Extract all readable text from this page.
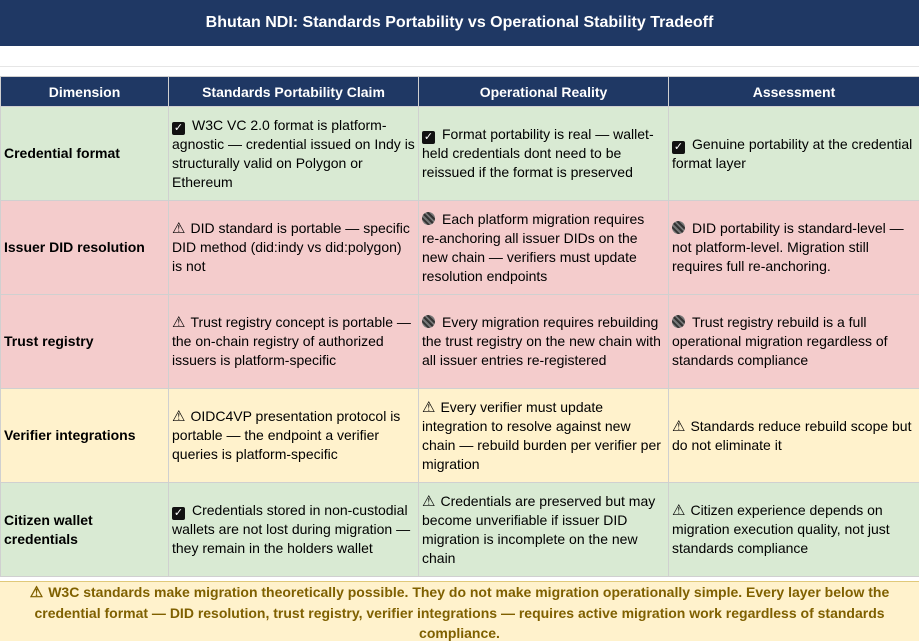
Bhutan NDI: Standards Portability vs Operational Stability Tradeoff
Dimension	Standards Portability Claim	Operational Reality	Assessment
Credential format	✓ W3C VC 2.0 format is platform-agnostic — credential issued on Indy is structurally valid on Polygon or Ethereum	✓ Format portability is real — wallet-held credentials dont need to be reissued if the format is preserved	✓ Genuine portability at the credential format layer
Issuer DID resolution	⚠ DID standard is portable — specific DID method (did:indy vs did:polygon) is not	Each platform migration requires re-anchoring all issuer DIDs on the new chain — verifiers must update resolution endpoints	DID portability is standard-level — not platform-level. Migration still requires full re-anchoring.
Trust registry	⚠ Trust registry concept is portable — the on-chain registry of authorized issuers is platform-specific	Every migration requires rebuilding the trust registry on the new chain with all issuer entries re-registered	Trust registry rebuild is a full operational migration regardless of standards compliance
Verifier integrations	⚠ OIDC4VP presentation protocol is portable — the endpoint a verifier queries is platform-specific	⚠ Every verifier must update integration to resolve against new chain — rebuild burden per verifier per migration	⚠ Standards reduce rebuild scope but do not eliminate it
Citizen wallet credentials	✓ Credentials stored in non-custodial wallets are not lost during migration — they remain in the holders wallet	⚠ Credentials are preserved but may become unverifiable if issuer DID migration is incomplete on the new chain	⚠ Citizen experience depends on migration execution quality, not just standards compliance
⚠ W3C standards make migration theoretically possible. They do not make migration operationally simple. Every layer below the credential format — DID resolution, trust registry, verifier integrations — requires active migration work regardless of standards compliance.
